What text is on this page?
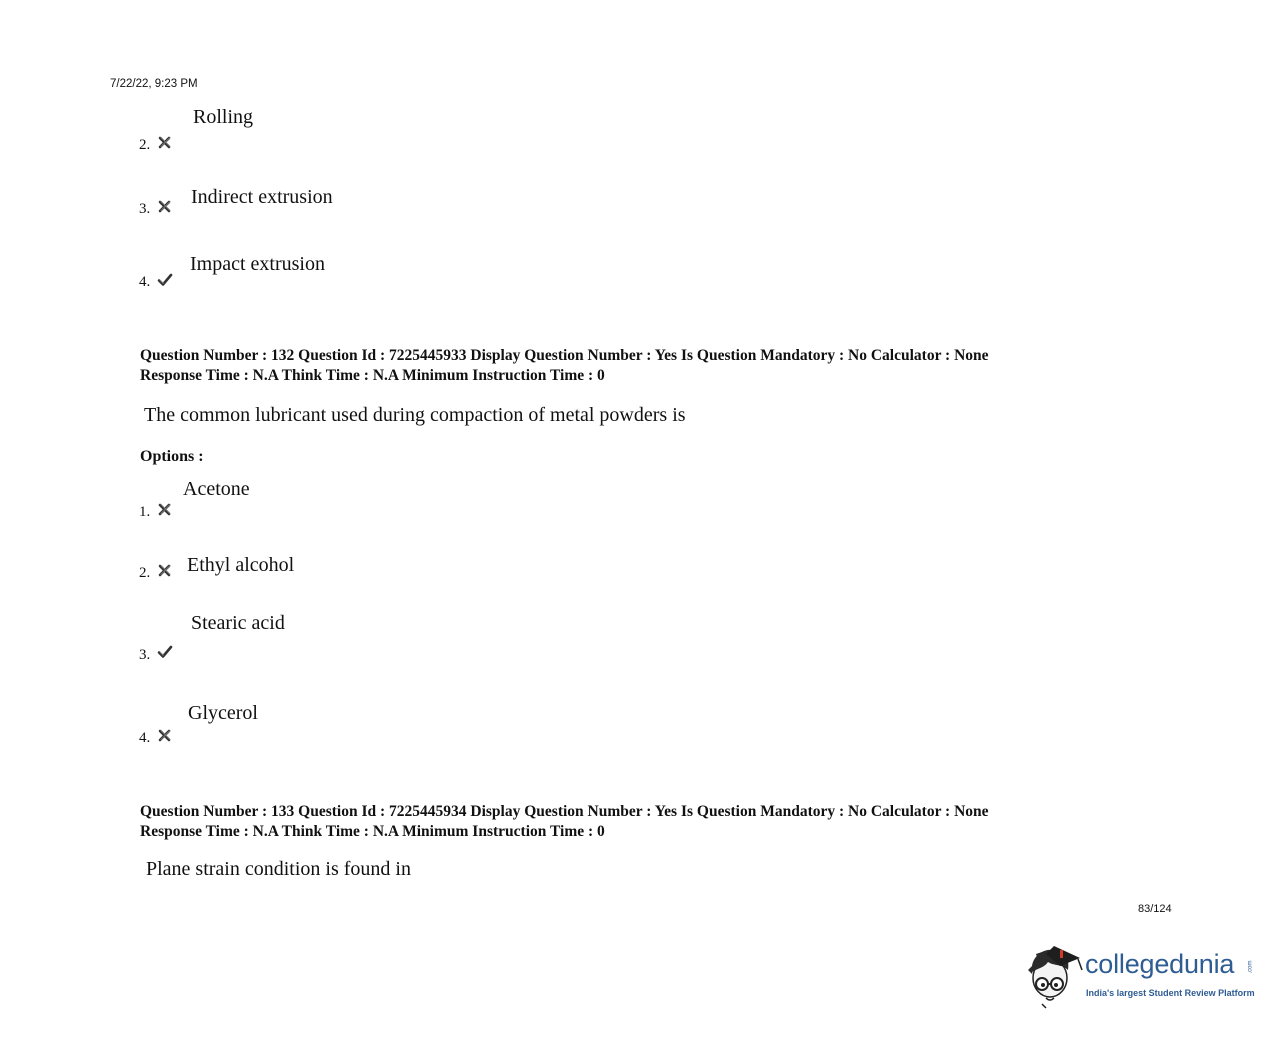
7/22/22, 9:23 PM
Rolling
2.
Indirect extrusion
3.
Impact extrusion
4.
Question Number : 132 Question Id : 7225445933 Display Question Number : Yes Is Question Mandatory : No Calculator : None
Response Time : N.A Think Time : N.A Minimum Instruction Time : 0
The common lubricant used during compaction of metal powders is
Options :
Acetone
1.
Ethyl alcohol
2.
Stearic acid
3.
Glycerol
4.
Question Number : 133 Question Id : 7225445934 Display Question Number : Yes Is Question Mandatory : No Calculator : None
Response Time : N.A Think Time : N.A Minimum Instruction Time : 0
Plane strain condition is found in
83/124
collegedunia .com
India's largest Student Review Platform
